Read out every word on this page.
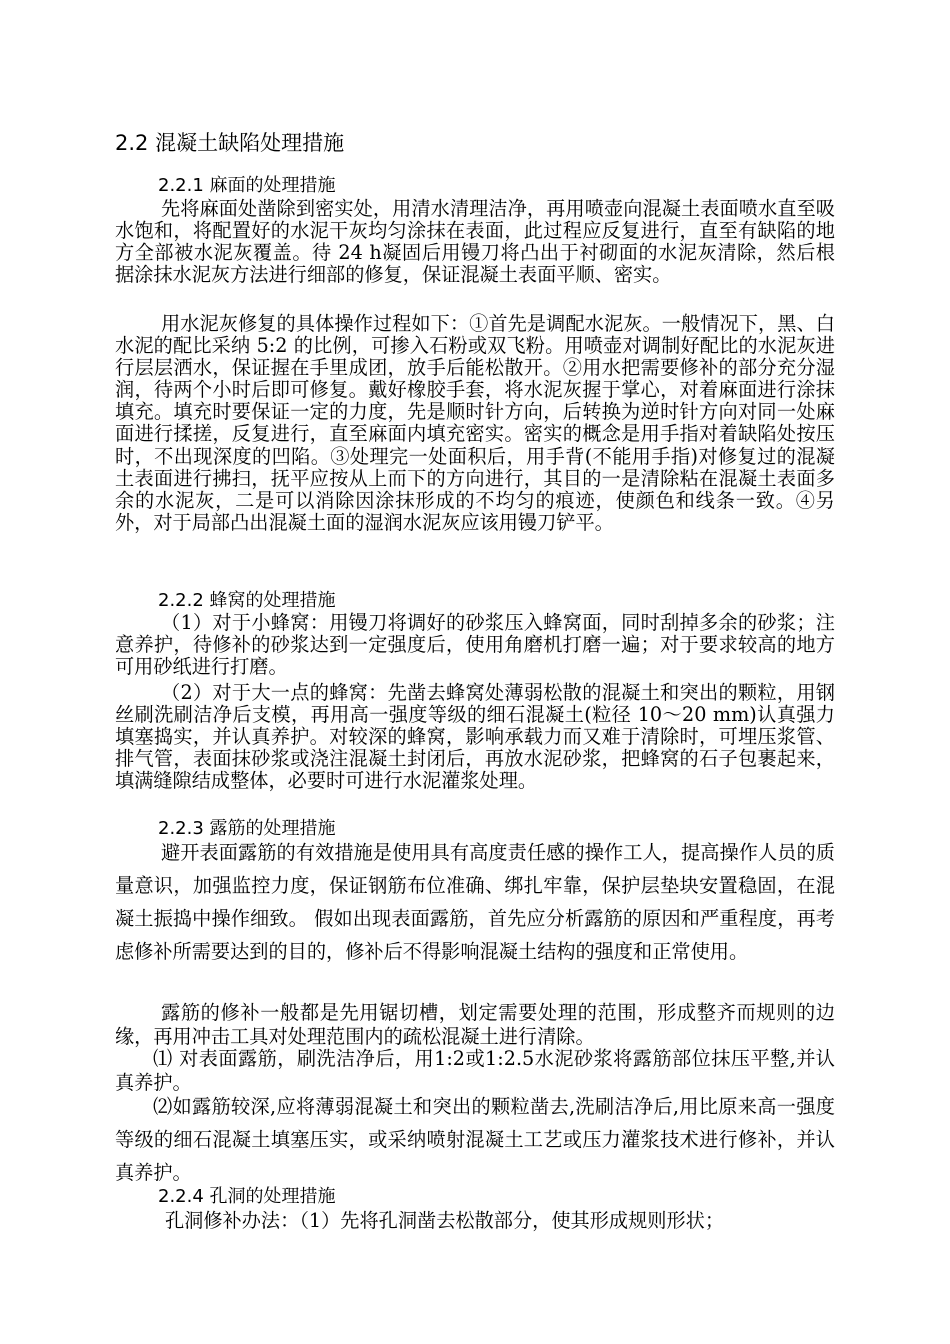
2.2 混凝土缺陷处理措施
2.2.1 麻面的处理措施

先将麻面处凿除到密实处，用清水清理洁净，再用喷壶向混凝土表面喷水直至吸水饱和，将配置好的水泥干灰均匀涂抹在表面，此过程应反复进行，直至有缺陷的地方全部被水泥灰覆盖。待 24 h凝固后用镘刀将凸出于衬砌面的水泥灰清除，然后根据涂抹水泥灰方法进行细部的修复，保证混凝土表面平顺、密实。

用水泥灰修复的具体操作过程如下：①首先是调配水泥灰。一般情况下，黑、白水泥的配比采纳 5:2 的比例，可掺入石粉或双飞粉。用喷壶对调制好配比的水泥灰进行层层洒水，保证握在手里成团，放手后能松散开。②用水把需要修补的部分充分湿润，待两个小时后即可修复。戴好橡胶手套，将水泥灰握于掌心，对着麻面进行涂抹填充。填充时要保证一定的力度，先是顺时针方向，后转换为逆时针方向对同一处麻面进行揉搓，反复进行，直至麻面内填充密实。密实的概念是用手指对着缺陷处按压时，不出现深度的凹陷。③处理完一处面积后，用手背(不能用手指)对修复过的混凝土表面进行拂扫，抚平应按从上而下的方向进行，其目的一是清除粘在混凝土表面多余的水泥灰，二是可以消除因涂抹形成的不均匀的痕迹，使颜色和线条一致。④另外，对于局部凸出混凝土面的湿润水泥灰应该用镘刀铲平。

2.2.2 蜂窝的处理措施

（1）对于小蜂窝：用镘刀将调好的砂浆压入蜂窝面，同时刮掉多余的砂浆；注意养护，待修补的砂浆达到一定强度后，使用角磨机打磨一遍；对于要求较高的地方可用砂纸进行打磨。

（2）对于大一点的蜂窝：先凿去蜂窝处薄弱松散的混凝土和突出的颗粒，用钢丝刷洗刷洁净后支模，再用高一强度等级的细石混凝土(粒径 10～20 mm)认真强力填塞捣实，并认真养护。对较深的蜂窝，影响承载力而又难于清除时，可埋压浆管、排气管，表面抹砂浆或浇注混凝土封闭后，再放水泥砂浆，把蜂窝的石子包裹起来，填满缝隙结成整体，必要时可进行水泥灌浆处理。

2.2.3 露筋的处理措施

避开表面露筋的有效措施是使用具有高度责任感的操作工人，提高操作人员的质量意识，加强监控力度，保证钢筋布位准确、绑扎牢靠，保护层垫块安置稳固，在混凝土振捣中操作细致。 假如出现表面露筋，首先应分析露筋的原因和严重程度，再考虑修补所需要达到的目的，修补后不得影响混凝土结构的强度和正常使用。

露筋的修补一般都是先用锯切槽，划定需要处理的范围，形成整齐而规则的边缘，再用冲击工具对处理范围内的疏松混凝土进行清除。

⑴ 对表面露筋，刷洗洁净后，用1:2或1:2.5水泥砂浆将露筋部位抹压平整,并认真养护。

⑵如露筋较深,应将薄弱混凝土和突出的颗粒凿去,洗刷洁净后,用比原来高一强度等级的细石混凝土填塞压实，或采纳喷射混凝土工艺或压力灌浆技术进行修补，并认真养护。

2.2.4 孔洞的处理措施

孔洞修补办法：（1）先将孔洞凿去松散部分，使其形成规则形状；
